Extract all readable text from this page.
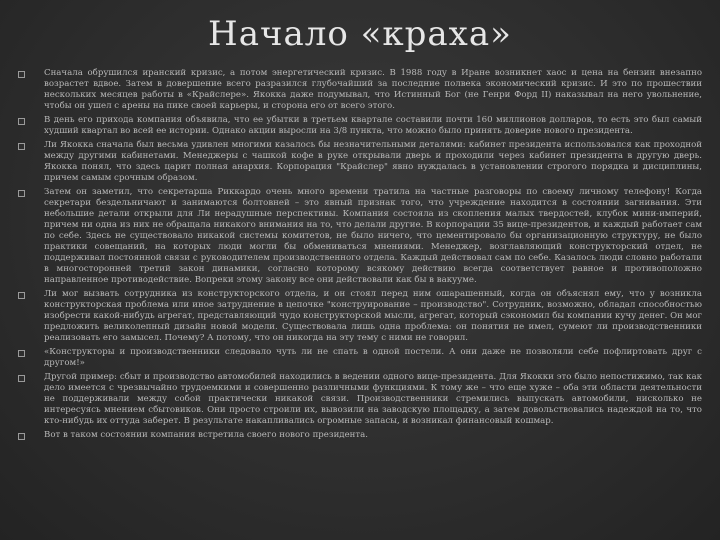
Начало «краха»
Сначала обрушился иранский кризис, а потом энергетический кризис. В 1988 году в Иране возникнет хаос и цена на бензин внезапно возрастет вдвое. Затем в довершение всего разразился глубочайший за последние полвека экономический кризис. И это по прошествии нескольких месяцев работы в «Крайслере». Якокка даже подумывал, что Истинный Бог (не Генри Форд II) наказывал на него увольнение, чтобы он ушел с арены на пике своей карьеры, и сторона его от всего этого.
В день его прихода компания объявила, что ее убытки в третьем квартале составили почти 160 миллионов долларов, то есть это был самый худший квартал во всей ее истории. Однако акции выросли на 3/8 пункта, что можно было принять доверие нового президента.
Ли Якокка сначала был весьма удивлен многими казалось бы незначительными деталями: кабинет президента использовался как проходной между другими кабинетами. Менеджеры с чашкой кофе в руке открывали дверь и проходили через кабинет президента в другую дверь. Якокка понял, что здесь царит полная анархия. Корпорация "Крайслер" явно нуждалась в установлении строгого порядка и дисциплины, причем самым срочным образом.
Затем он заметил, что секретарша Риккардо очень много времени тратила на частные разговоры по своему личному телефону! Когда секретари бездельничают и занимаются болтовней – это явный признак того, что учреждение находится в состоянии загнивания. Эти небольшие детали открыли для Ли нерадушные перспективы. Компания состояла из скопления малых твердостей, клубок мини-империй, причем ни одна из них не обращала никакого внимания на то, что делали другие. В корпорации 35 вице-президентов, и каждый работает сам по себе. Здесь не существовало никакой системы комитетов, не было ничего, что цементировало бы организационную структуру, не было практики совещаний, на которых люди могли бы обмениваться мнениями. Менеджер, возглавляющий конструкторский отдел, не поддерживал постоянной связи с руководителем производственного отдела. Каждый действовал сам по себе. Казалось люди словно работали в многосторонней третий закон динамики, согласно которому всякому действию всегда соответствует равное и противоположно направленное противодействие. Вопреки этому закону все они действовали как бы в вакууме.
Ли мог вызвать сотрудника из конструкторского отдела, и он стоял перед ним ошарашенный, когда он объяснял ему, что у возникла конструкторская проблема или иное затруднение в цепочке "конструирование – производство". Сотрудник, возможно, обладал способностью изобрести какой-нибудь агрегат, представляющий чудо конструкторской мысли, агрегат, который сэкономил бы компании кучу денег. Он мог предложить великолепный дизайн новой модели. Существовала лишь одна проблема: он понятия не имел, сумеют ли производственники реализовать его замысел. Почему? А потому, что он никогда на эту тему с ними не говорил.
«Конструкторы и производственники следовало чуть ли не спать в одной постели. А они даже не позволяли себе пофлиртовать друг с другом!»
Другой пример: сбыт и производство автомобилей находились в ведении одного вице-президента. Для Якокки это было непостижимо, так как дело имеется с чрезвычайно трудоемкими и совершенно различными функциями. К тому же – что еще хуже – оба эти области деятельности не поддерживали между собой практически никакой связи. Производственники стремились выпускать автомобили, нисколько не интересуясь мнением сбытовиков. Они просто строили их, вывозили на заводскую площадку, а затем довольствовались надеждой на то, что кто-нибудь их оттуда заберет. В результате накапливались огромные запасы, и возникал финансовый кошмар.
Вот в таком состоянии компания встретила своего нового президента.
